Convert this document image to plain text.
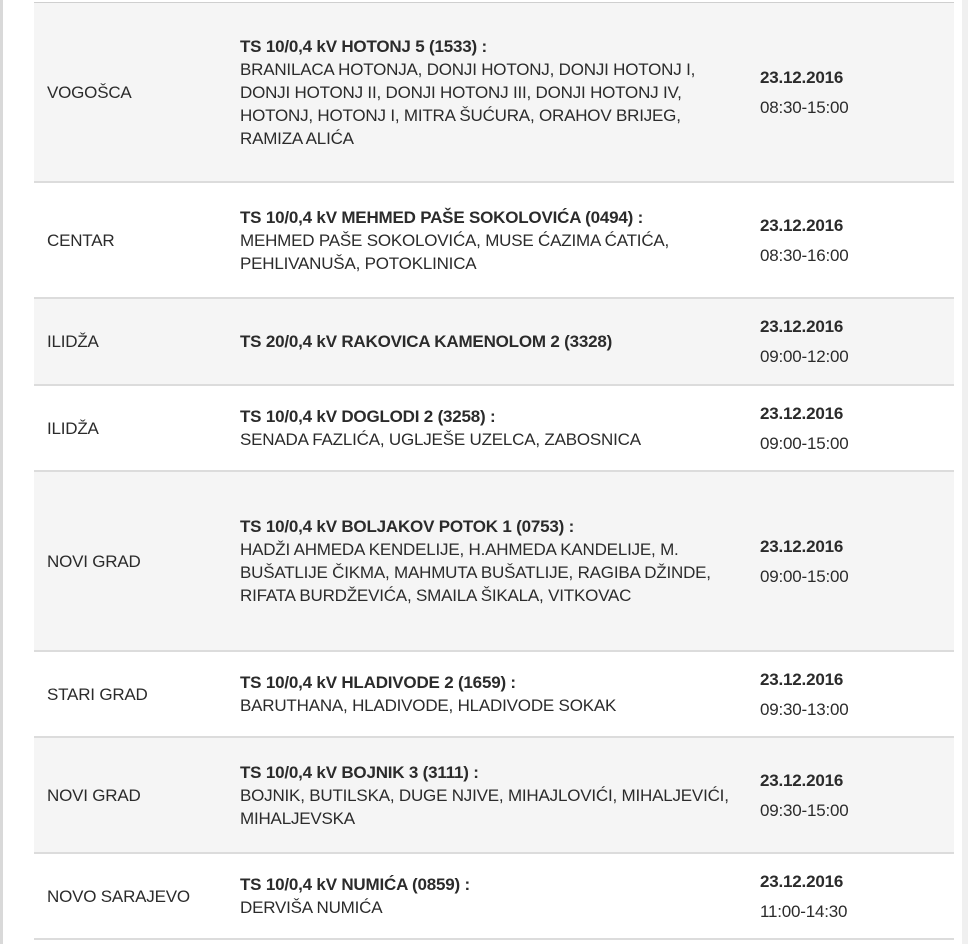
VOGOŠCA
TS 10/0,4 kV HOTONJ 5 (1533) :
BRANILACA HOTONJA, DONJI HOTONJ, DONJI HOTONJ I, DONJI HOTONJ II, DONJI HOTONJ III, DONJI HOTONJ IV, HOTONJ, HOTONJ I, MITRA ŠUĆURA, ORAHOV BRIJEG, RAMIZA ALIĆA
23.12.2016
08:30-15:00
CENTAR
TS 10/0,4 kV MEHMED PAŠE SOKOLOVIĆA (0494) :
MEHMED PAŠE SOKOLOVIĆA, MUSE ĆAZIMA ĆATIĆA, PEHLIVANUŠA, POTOKLINICA
23.12.2016
08:30-16:00
ILIDŽA	TS 20/0,4 kV RAKOVICA KAMENOLOM 2 (3328)
23.12.2016
09:00-12:00
ILIDŽA
TS 10/0,4 kV DOGLODI 2 (3258) :
SENADA FAZLIĆA, UGLJEŠE UZELCA, ZABOSNICA
23.12.2016
09:00-15:00
NOVI GRAD
TS 10/0,4 kV BOLJAKOV POTOK 1 (0753) :
HADŽI AHMEDA KENDELIJE, H.AHMEDA KANDELIJE, M. BUŠATLIJE ČIKMA, MAHMUTA BUŠATLIJE, RAGIBA DŽINDE, RIFATA BURDŽEVIĆA, SMAILA ŠIKALA, VITKOVAC
23.12.2016
09:00-15:00
STARI GRAD
TS 10/0,4 kV HLADIVODE 2 (1659) :
BARUTHANA, HLADIVODE, HLADIVODE SOKAK
23.12.2016
09:30-13:00
NOVI GRAD
TS 10/0,4 kV BOJNIK 3 (3111) :
BOJNIK, BUTILSKA, DUGE NJIVE, MIHAJLOVIĆI, MIHALJEVIĆI, MIHALJEVSKA
23.12.2016
09:30-15:00
NOVO SARAJEVO
TS 10/0,4 kV NUMIĆA (0859) :
DERVIŠA NUMIĆA
23.12.2016
11:00-14:30
